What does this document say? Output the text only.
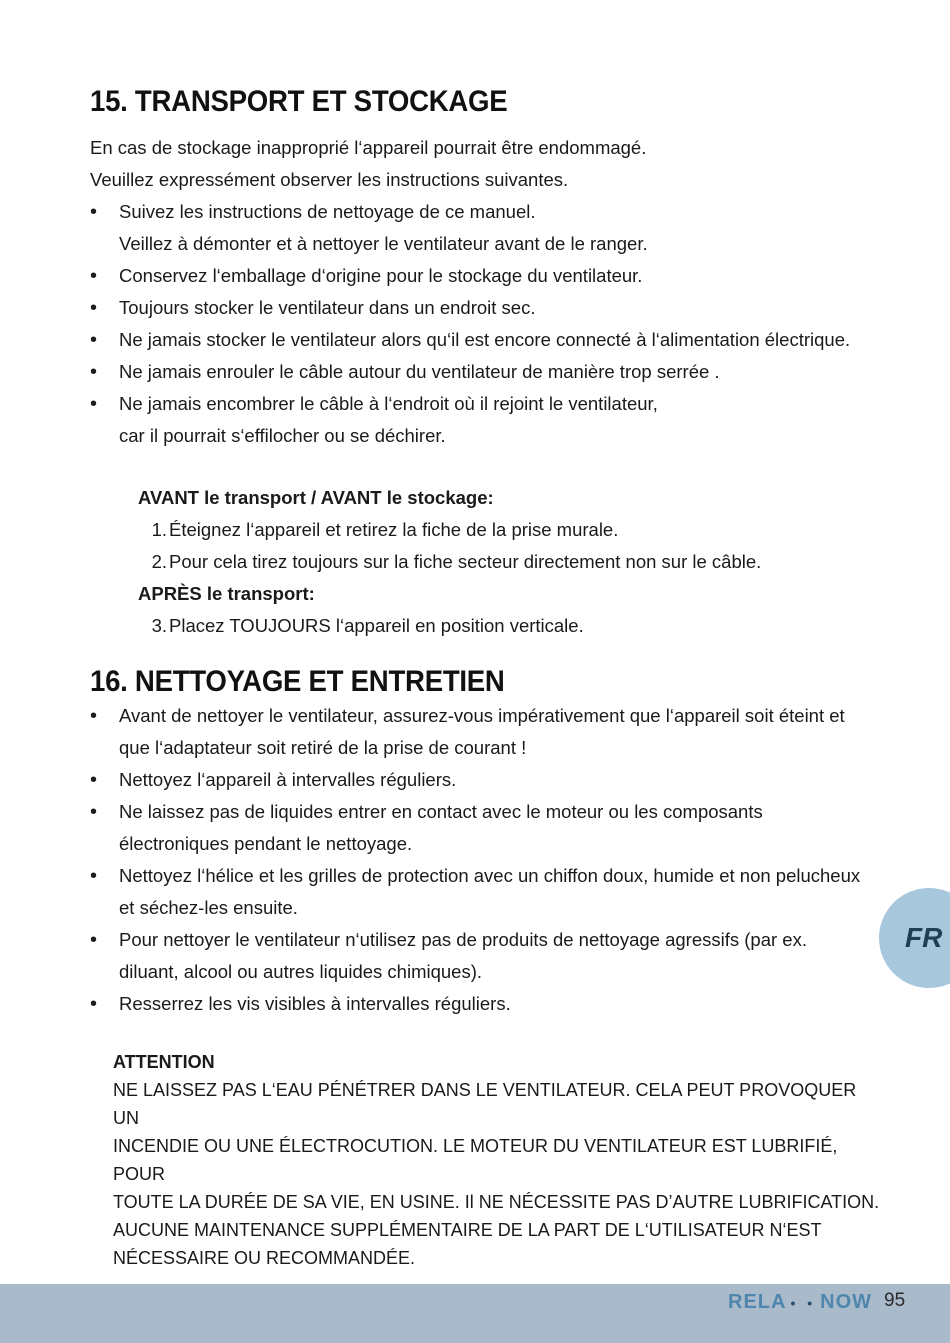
15. TRANSPORT ET STOCKAGE

En cas de stockage inapproprié l‘appareil pourrait être endommagé.

Veuillez expressément observer les instructions suivantes.

• Suivez les instructions de nettoyage de ce manuel.
Veillez à démonter et à nettoyer le ventilateur avant de le ranger.
• Conservez l‘emballage d‘origine pour le stockage du ventilateur.
• Toujours stocker le ventilateur dans un endroit sec.
• Ne jamais stocker le ventilateur alors qu‘il est encore connecté à l‘alimentation électrique.
• Ne jamais enrouler le câble autour du ventilateur de manière trop serrée .
• Ne jamais encombrer le câble à l‘endroit où il rejoint le ventilateur,
car il pourrait s‘effilocher ou se déchirer.
AVANT le transport / AVANT le stockage:
1. Éteignez l‘appareil et retirez la fiche de la prise murale.
2. Pour cela tirez toujours sur la fiche secteur directement non sur le câble.
APRÈS le transport:
3. Placez TOUJOURS l‘appareil en position verticale.
16. NETTOYAGE ET ENTRETIEN
• Avant de nettoyer le ventilateur, assurez-vous impérativement que l‘appareil soit éteint et
que l‘adaptateur soit retiré de la prise de courant !
• Nettoyez l‘appareil à intervalles réguliers.
• Ne laissez pas de liquides entrer en contact avec le moteur ou les composants
électroniques pendant le nettoyage.
• Nettoyez l‘hélice et les grilles de protection avec un chiffon doux, humide et non pelucheux
et séchez-les ensuite.
• Pour nettoyer le ventilateur n‘utilisez pas de produits de nettoyage agressifs (par ex.
diluant, alcool ou autres liquides chimiques).
• Resserrez les vis visibles à intervalles réguliers.
ATTENTION
NE LAISSEZ PAS L‘EAU PÉNÉTRER DANS LE VENTILATEUR. CELA PEUT PROVOQUER UN
INCENDIE OU UNE ÉLECTROCUTION. LE MOTEUR DU VENTILATEUR EST LUBRIFIÉ, POUR
TOUTE LA DURÉE DE SA VIE, EN USINE. Il NE NÉCESSITE PAS D’AUTRE LUBRIFICATION.
AUCUNE MAINTENANCE SUPPLÉMENTAIRE DE LA PART DE L‘UTILISATEUR N‘EST
NÉCESSAIRE OU RECOMMANDÉE.
FR
RELA • • NOW 95
